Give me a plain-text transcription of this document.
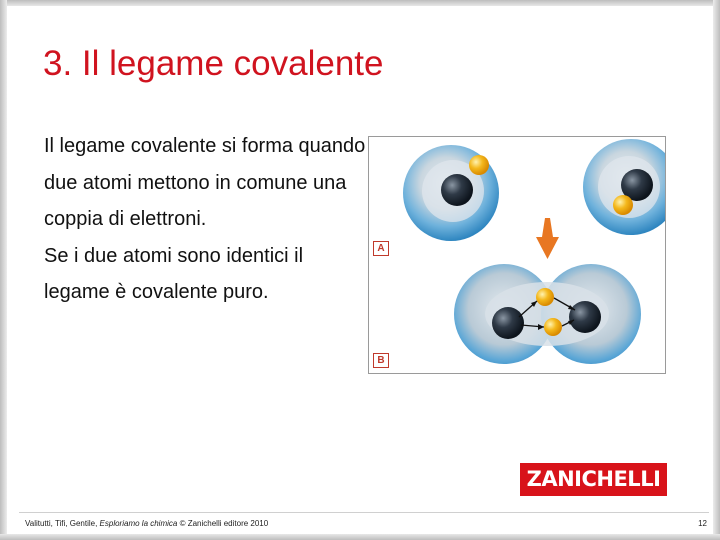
3. Il legame covalente

Il legame covalente si forma quando due atomi mettono in comune una coppia di elettroni.

Se i due atomi sono identici il legame è covalente puro.

A
B
ZANICHELLI
Valitutti, Tifi, Gentile, Esploriamo la chimica © Zanichelli editore 2010	12
